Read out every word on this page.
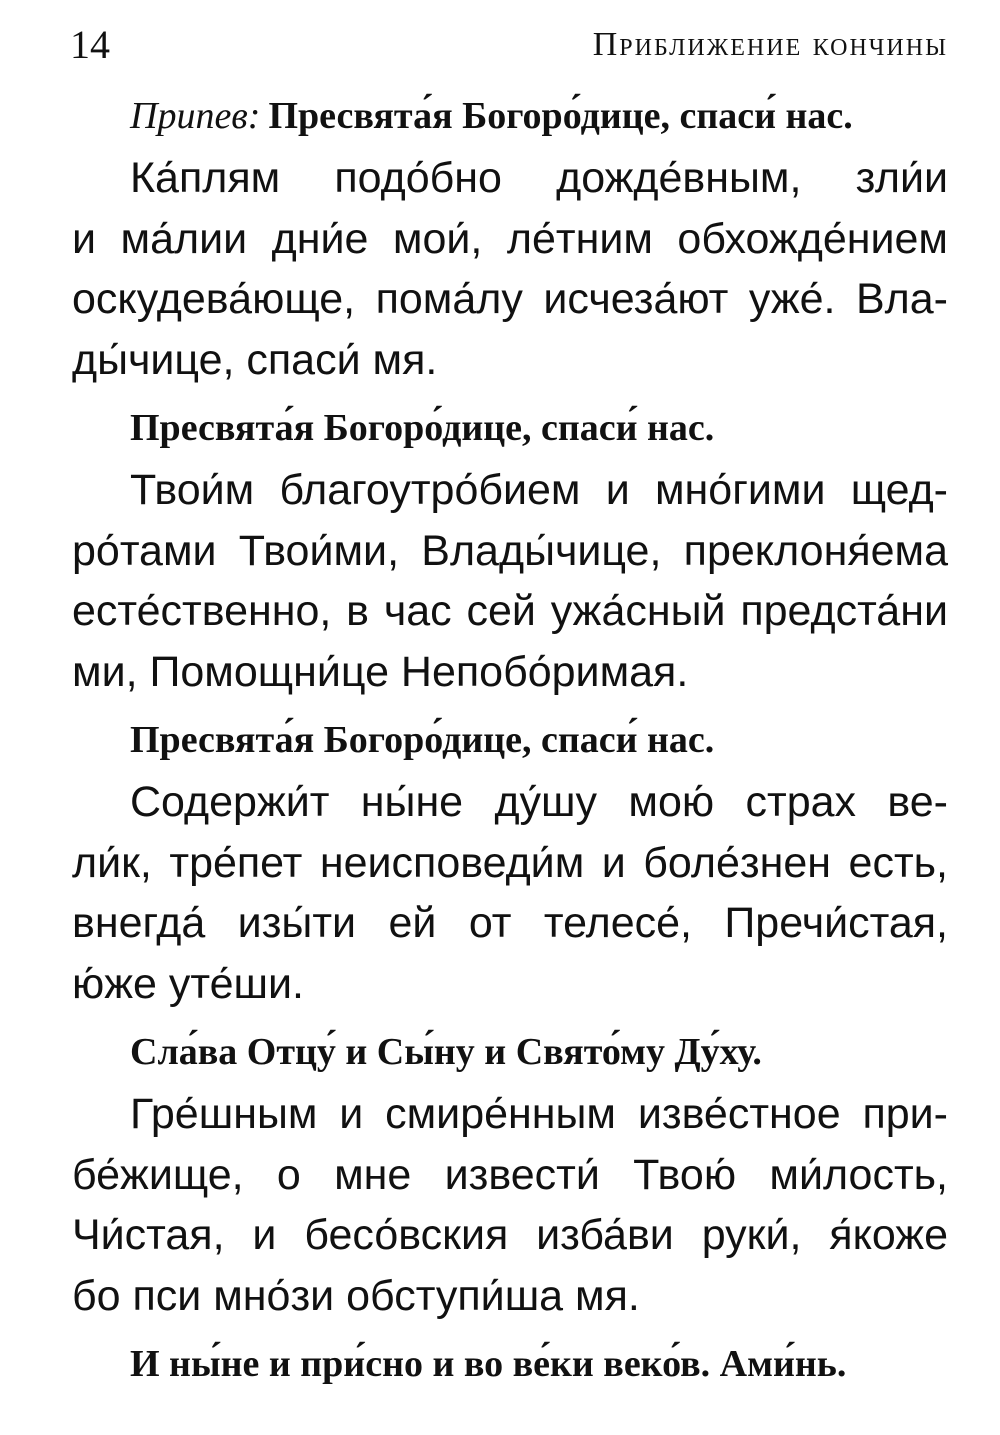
14	Приближение кончины

Припев: Пресвята́я Богоро́дице, спаси́ нас.

Ка́плям подо́бно дожде́вным, зли́и
и ма́лии дни́е мои́, ле́тним обхожде́нием
оскудева́юще, пома́лу исчеза́ют уже́. Вла-
ды́чице, спаси́ мя.

Пресвята́я Богоро́дице, спаси́ нас.

Твои́м благоутро́бием и мно́гими щед-
ро́тами Твои́ми, Влады́чице, преклоня́ема
есте́ственно, в час сей ужа́сный предста́ни
ми, Помощни́це Непобо́римая.

Пресвята́я Богоро́дице, спаси́ нас.

Содержи́т ны́не ду́шу мою́ страх ве-
ли́к, тре́пет неисповеди́м и боле́знен есть,
внегда́ изы́ти ей от телесе́, Пречи́стая,
ю́же уте́ши.

Сла́ва Отцу́ и Сы́ну и Свято́му Ду́ху.

Гре́шным и смире́нным изве́стное при-
бе́жище, о мне извести́ Твою́ ми́лость,
Чи́стая, и бесо́вския изба́ви руки́, я́коже
бо пси мно́зи обступи́ша мя.

И ны́не и при́сно и во ве́ки веко́в. Ами́нь.
